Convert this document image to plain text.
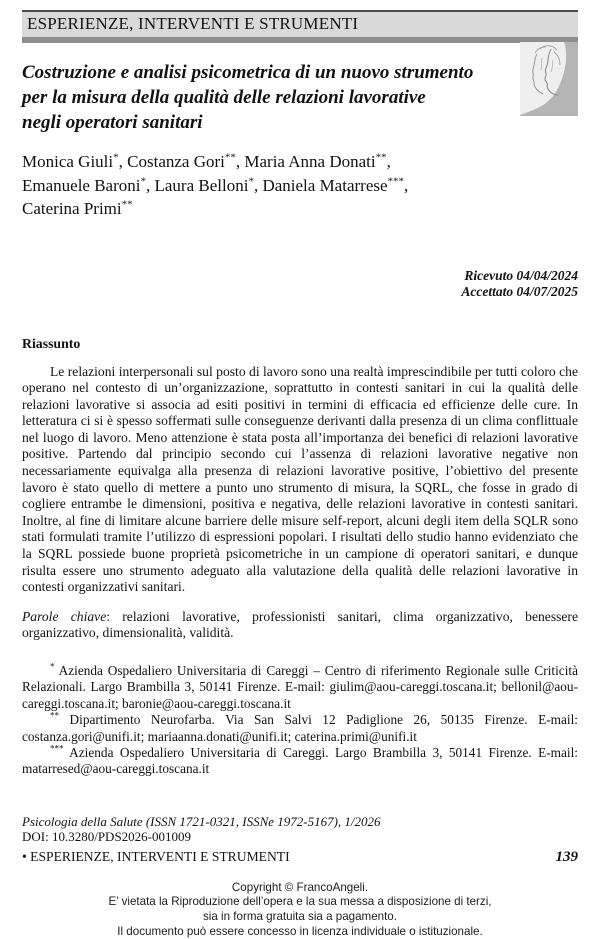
ESPERIENZE, INTERVENTI E STRUMENTI
Costruzione e analisi psicometrica di un nuovo strumento
per la misura della qualità delle relazioni lavorative
negli operatori sanitari
Monica Giuli*, Costanza Gori**, Maria Anna Donati**,
Emanuele Baroni*, Laura Belloni*, Daniela Matarrese***,
Caterina Primi**
Ricevuto 04/04/2024
Accettato 04/07/2025
Riassunto

Le relazioni interpersonali sul posto di lavoro sono una realtà imprescindibile per tutti coloro che operano nel contesto di un’organizzazione, soprattutto in contesti sanitari in cui la qualità delle relazioni lavorative si associa ad esiti positivi in termini di efficacia ed efficienze delle cure. In letteratura ci si è spesso soffermati sulle conseguenze derivanti dalla presenza di un clima conflittuale nel luogo di lavoro. Meno attenzione è stata posta all’importanza dei benefici di relazioni lavorative positive. Partendo dal principio secondo cui l’assenza di relazioni lavorative negative non necessariamente equivalga alla presenza di relazioni lavorative positive, l’obiettivo del presente lavoro è stato quello di mettere a punto uno strumento di misura, la SQRL, che fosse in grado di cogliere entrambe le dimensioni, positiva e negativa, delle relazioni lavorative in contesti sanitari. Inoltre, al fine di limitare alcune barriere delle misure self-report, alcuni degli item della SQLR sono stati formulati tramite l’utilizzo di espressioni popolari. I risultati dello studio hanno evidenziato che la SQRL possiede buone proprietà psicometriche in un campione di operatori sanitari, e dunque risulta essere uno strumento adeguato alla valutazione della qualità delle relazioni lavorative in contesti organizzativi sanitari.

Parole chiave: relazioni lavorative, professionisti sanitari, clima organizzativo, benessere organizzativo, dimensionalità, validità.

* Azienda Ospedaliero Universitaria di Careggi – Centro di riferimento Regionale sulle Criticità Relazionali. Largo Brambilla 3, 50141 Firenze. E-mail: giulim@aou-careggi.toscana.it; bellonil@aou-careggi.toscana.it; baronie@aou-careggi.toscana.it

** Dipartimento Neurofarba. Via San Salvi 12 Padiglione 26, 50135 Firenze. E-mail: costanza.gori@unifi.it; mariaanna.donati@unifi.it; caterina.primi@unifi.it

*** Azienda Ospedaliero Universitaria di Careggi. Largo Brambilla 3, 50141 Firenze. E-mail: matarresed@aou-careggi.toscana.it

Psicologia della Salute (ISSN 1721-0321, ISSNe 1972-5167), 1/2026
DOI: 10.3280/PDS2026-001009
• ESPERIENZE, INTERVENTI E STRUMENTI	139
Copyright © FrancoAngeli.
E’ vietata la Riproduzione dell’opera e la sua messa a disposizione di terzi,
sia in forma gratuita sia a pagamento.
Il documento può essere concesso in licenza individuale o istituzionale.
